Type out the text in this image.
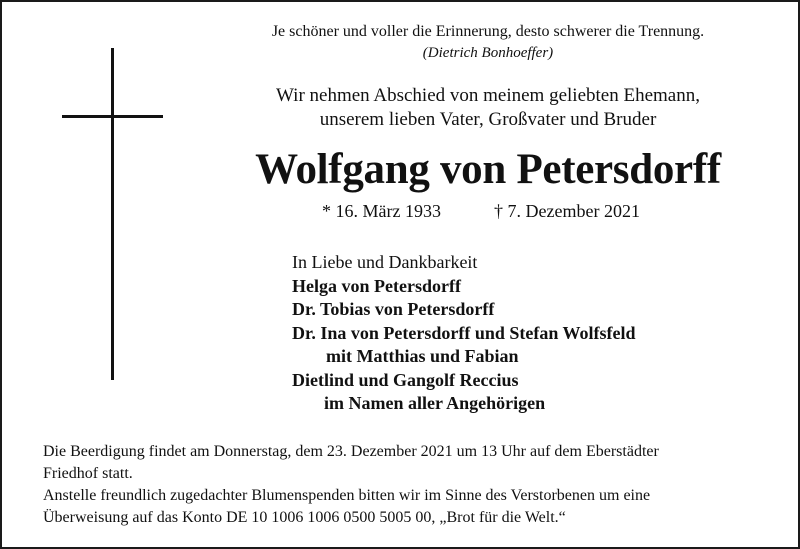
Je schöner und voller die Erinnerung, desto schwerer die Trennung.
(Dietrich Bonhoeffer)
Wir nehmen Abschied von meinem geliebten Ehemann,
unserem lieben Vater, Großvater und Bruder
Wolfgang von Petersdorff
* 16. März 1933	† 7. Dezember 2021
In Liebe und Dankbarkeit
Helga von Petersdorff
Dr. Tobias von Petersdorff
Dr. Ina von Petersdorff und Stefan Wolfsfeld
mit Matthias und Fabian
Dietlind und Gangolf Reccius
im Namen aller Angehörigen
Die Beerdigung findet am Donnerstag, dem 23. Dezember 2021 um 13 Uhr auf dem Eberstädter
Friedhof statt.
Anstelle freundlich zugedachter Blumenspenden bitten wir im Sinne des Verstorbenen um eine
Überweisung auf das Konto DE 10 1006 1006 0500 5005 00, „Brot für die Welt.“
